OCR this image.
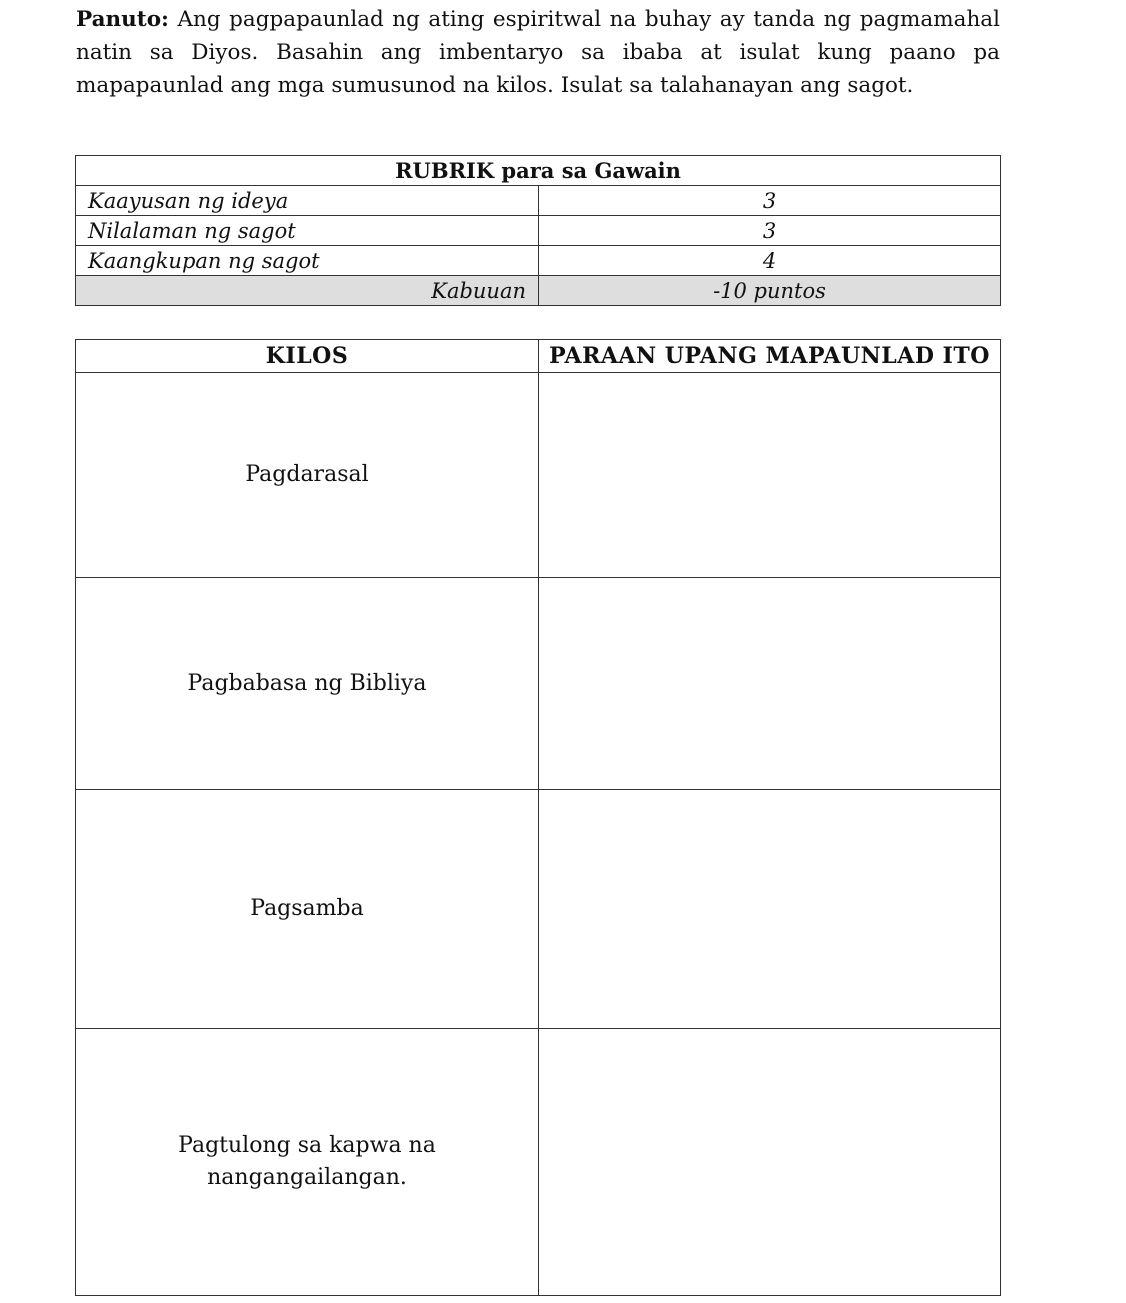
Panuto: Ang pagpapaunlad ng ating espiritwal na buhay ay tanda ng pagmamahal natin sa Diyos. Basahin ang imbentaryo sa ibaba at isulat kung paano pa mapapaunlad ang mga sumusunod na kilos. Isulat sa talahanayan ang sagot.

RUBRIK para sa Gawain	
Kaayusan ng ideya	3
Nilalaman ng sagot	3
Kaangkupan ng sagot	4
Kabuuan	-10 puntos
KILOS	PARAAN UPANG MAPAUNLAD ITO
Pagdarasal	
Pagbabasa ng Bibliya	
Pagsamba	
Pagtulong sa kapwa na nangangailangan.	
